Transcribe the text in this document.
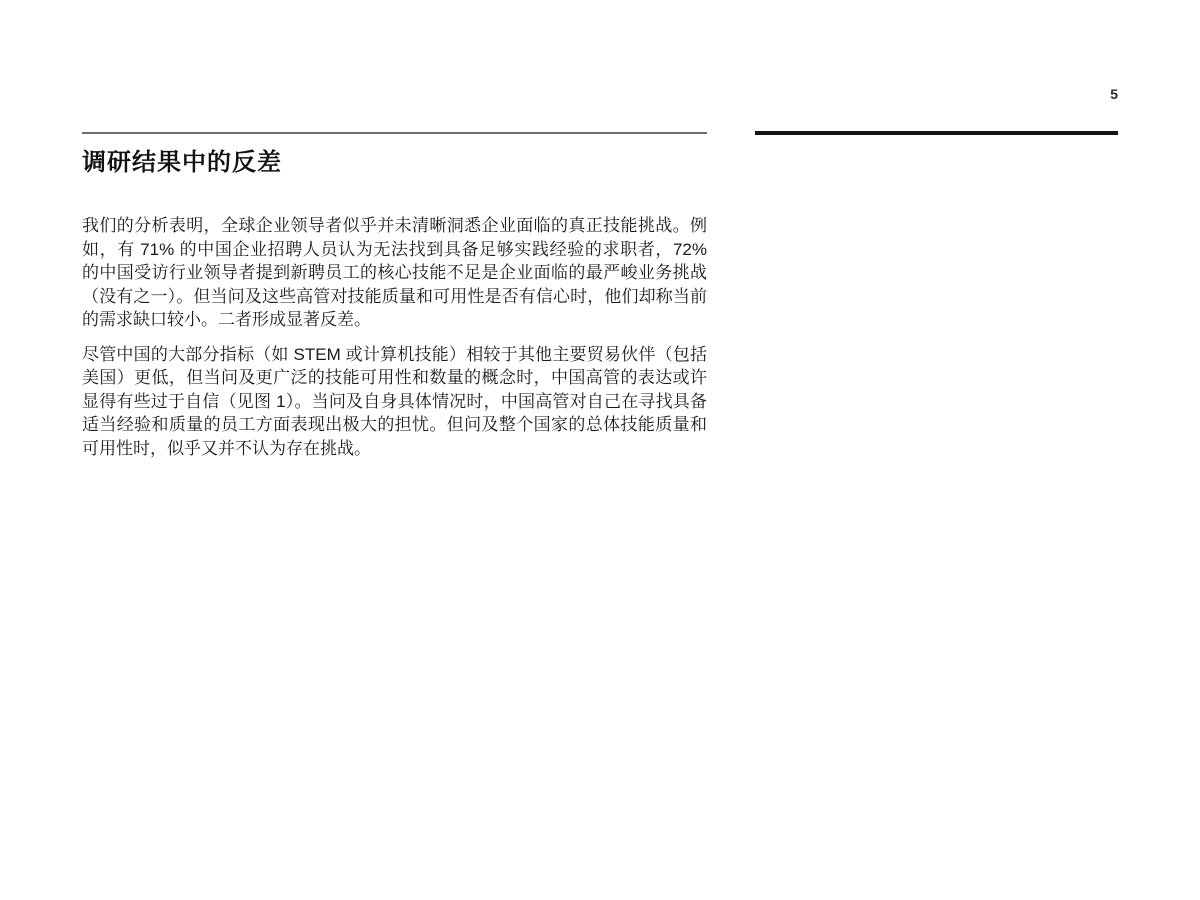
5
调研结果中的反差

我们的分析表明，全球企业领导者似乎并未清晰洞悉企业面临的真正技能挑战。例如，有 71% 的中国企业招聘人员认为无法找到具备足够实践经验的求职者，72% 的中国受访行业领导者提到新聘员工的核心技能不足是企业面临的最严峻业务挑战（没有之一）。但当问及这些高管对技能质量和可用性是否有信心时，他们却称当前的需求缺口较小。二者形成显著反差。

尽管中国的大部分指标（如 STEM 或计算机技能）相较于其他主要贸易伙伴（包括美国）更低，但当问及更广泛的技能可用性和数量的概念时，中国高管的表达或许显得有些过于自信（见图 1）。当问及自身具体情况时，中国高管对自己在寻找具备适当经验和质量的员工方面表现出极大的担忧。但问及整个国家的总体技能质量和可用性时，似乎又并不认为存在挑战。
